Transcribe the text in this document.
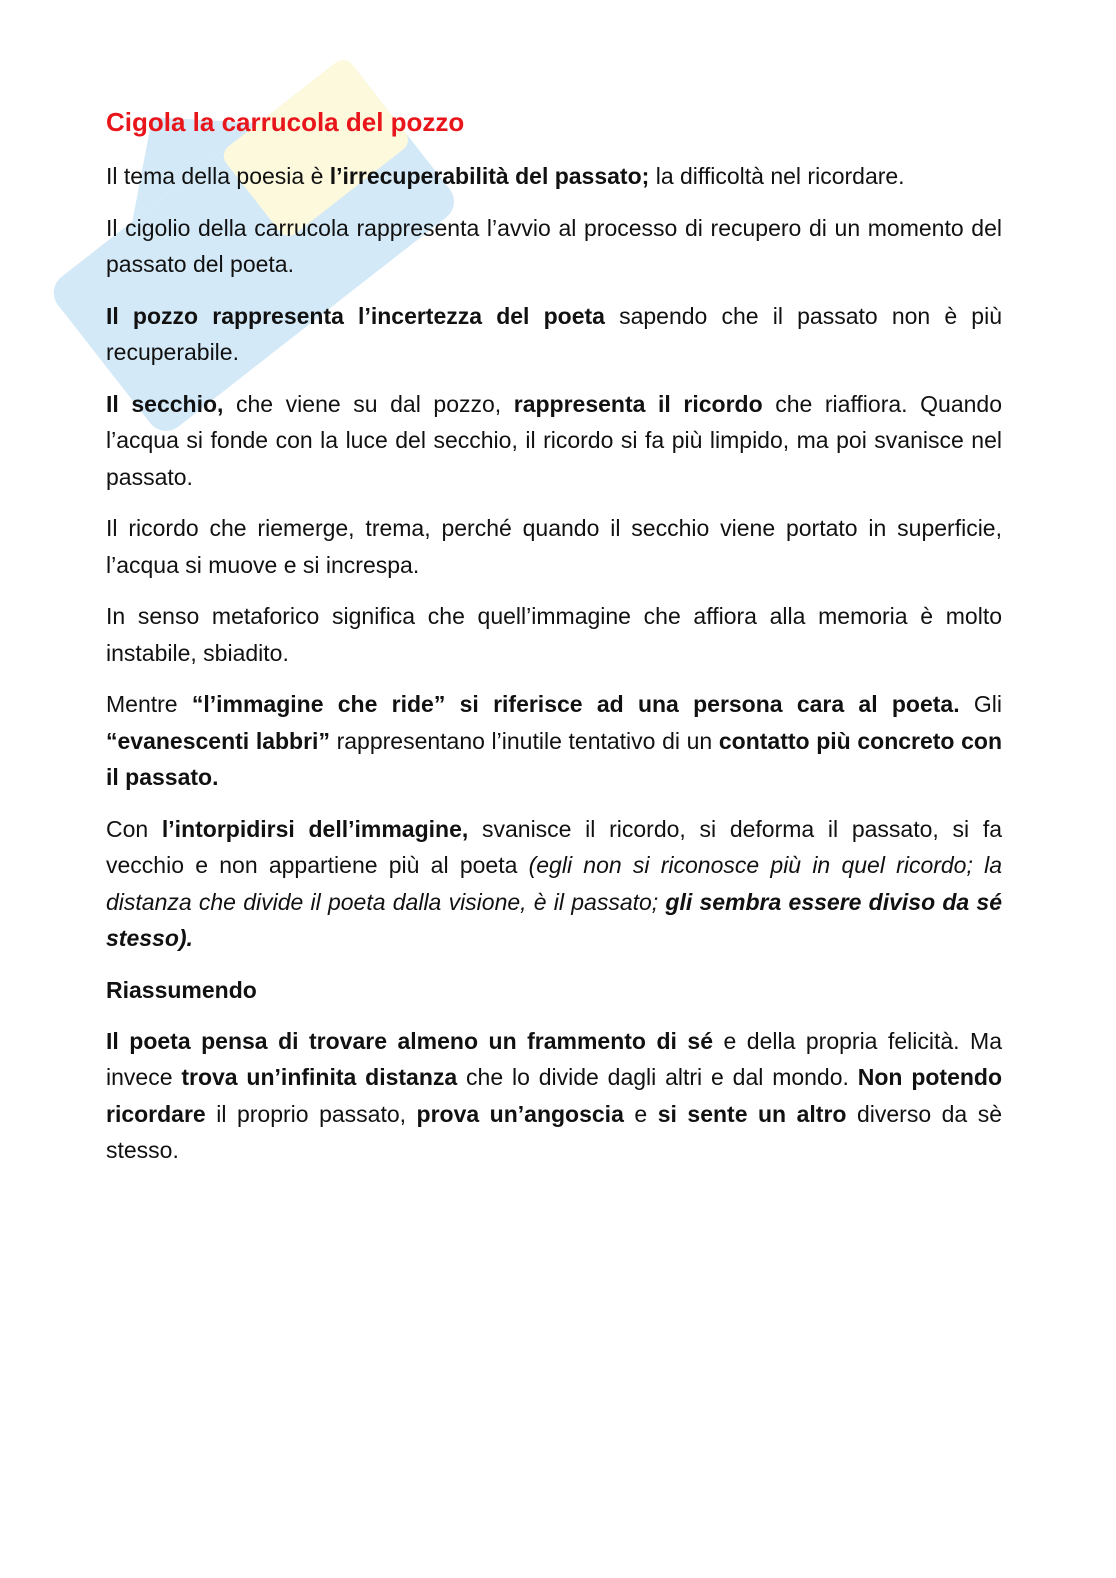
Cigola la carrucola del pozzo

Il tema della poesia è l’irrecuperabilità del passato; la difficoltà nel ricordare.

Il cigolio della carrucola rappresenta l’avvio al processo di recupero di un momento del passato del poeta.

Il pozzo rappresenta l’incertezza del poeta sapendo che il passato non è più recuperabile.

Il secchio, che viene su dal pozzo, rappresenta il ricordo che riaffiora. Quando l’acqua si fonde con la luce del secchio, il ricordo si fa più limpido, ma poi svanisce nel passato.

Il ricordo che riemerge, trema, perché quando il secchio viene portato in superficie, l’acqua si muove e si increspa.

In senso metaforico significa che quell’immagine che affiora alla memoria è molto instabile, sbiadito.

Mentre “l’immagine che ride” si riferisce ad una persona cara al poeta. Gli “evanescenti labbri” rappresentano l’inutile tentativo di un contatto più concreto con il passato.

Con l’intorpidirsi dell’immagine, svanisce il ricordo, si deforma il passato, si fa vecchio e non appartiene più al poeta (egli non si riconosce più in quel ricordo; la distanza che divide il poeta dalla visione, è il passato; gli sembra essere diviso da sé stesso).

Riassumendo

Il poeta pensa di trovare almeno un frammento di sé e della propria felicità. Ma invece trova un’infinita distanza che lo divide dagli altri e dal mondo. Non potendo ricordare il proprio passato, prova un’angoscia e si sente un altro diverso da sè stesso.
